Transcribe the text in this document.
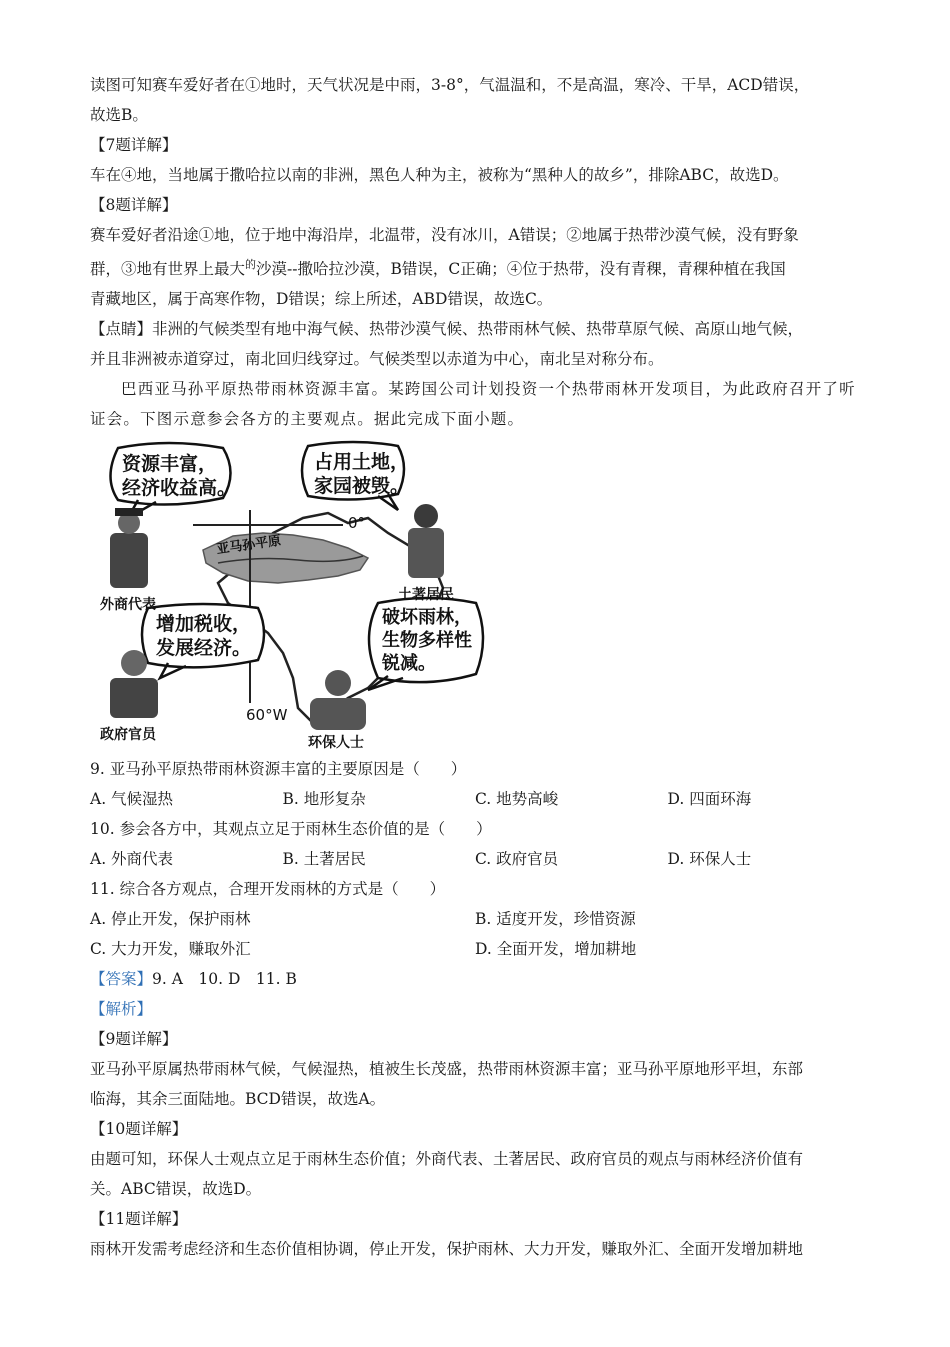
读图可知赛车爱好者在①地时，天气状况是中雨，3-8°，气温温和，不是高温，寒冷、干旱，ACD错误，

故选B。

【7题详解】

车在④地，当地属于撒哈拉以南的非洲，黑色人种为主，被称为“黑种人的故乡”，排除ABC，故选D。

【8题详解】

赛车爱好者沿途①地，位于地中海沿岸，北温带，没有冰川，A错误；②地属于热带沙漠气候，没有野象

群，③地有世界上最大$^的$沙漠--撒哈拉沙漠，B错误，C正确；④位于热带，没有青稞，青稞种植在我国

青藏地区，属于高寒作物，D错误；综上所述，ABD错误，故选C。

【点睛】非洲的气候类型有地中海气候、热带沙漠气候、热带雨林气候、热带草原气候、高原山地气候，

并且非洲被赤道穿过，南北回归线穿过。气候类型以赤道为中心，南北呈对称分布。

巴西亚马孙平原热带雨林资源丰富。某跨国公司计划投资一个热带雨林开发项目，为此政府召开了听

证会。下图示意参会各方的主要观点。据此完成下面小题。

资源丰富，
经济收益高。
占用土地，
家园被毁。
增加税收，
发展经济。
破坏雨林，
生物多样性
锐减。
外商代表
土著居民
政府官员	环保人士
亚马孙平原
0°
60°W

9. 亚马孙平原热带雨林资源丰富的主要原因是（　　）

A. 气候湿热	B. 地形复杂	C. 地势高峻	D. 四面环海

10. 参会各方中，其观点立足于雨林生态价值的是（　　）

A. 外商代表	B. 土著居民	C. 政府官员	D. 环保人士

11. 综合各方观点，合理开发雨林的方式是（　　）

A. 停止开发，保护雨林	B. 适度开发，珍惜资源
C. 大力开发，赚取外汇	D. 全面开发，增加耕地

【答案】9. A　10. D　11. B

【解析】

【9题详解】

亚马孙平原属热带雨林气候，气候湿热，植被生长茂盛，热带雨林资源丰富；亚马孙平原地形平坦，东部

临海，其余三面陆地。BCD错误，故选A。

【10题详解】

由题可知，环保人士观点立足于雨林生态价值；外商代表、土著居民、政府官员的观点与雨林经济价值有

关。ABC错误，故选D。

【11题详解】

雨林开发需考虑经济和生态价值相协调，停止开发，保护雨林、大力开发，赚取外汇、全面开发增加耕地
